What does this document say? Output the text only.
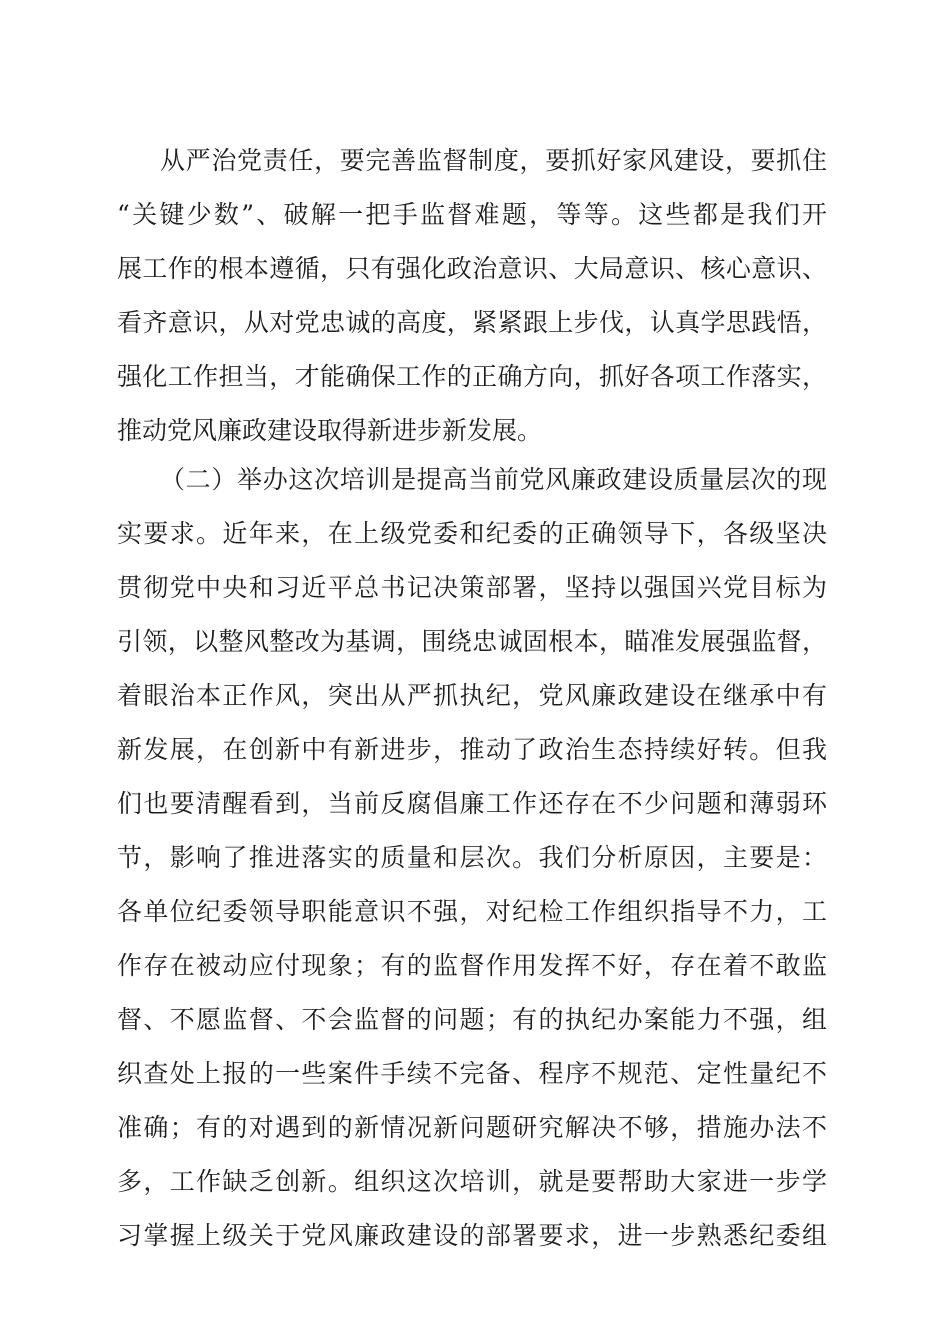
从严治党责任，要完善监督制度，要抓好家风建设，要抓住
“关键少数”、破解一把手监督难题，等等。这些都是我们开
展工作的根本遵循，只有强化政治意识、大局意识、核心意识、
看齐意识，从对党忠诚的高度，紧紧跟上步伐，认真学思践悟，
强化工作担当，才能确保工作的正确方向，抓好各项工作落实，
推动党风廉政建设取得新进步新发展。
（二）举办这次培训是提高当前党风廉政建设质量层次的现
实要求。近年来，在上级党委和纪委的正确领导下，各级坚决
贯彻党中央和习近平总书记决策部署，坚持以强国兴党目标为
引领，以整风整改为基调，围绕忠诚固根本，瞄准发展强监督，
着眼治本正作风，突出从严抓执纪，党风廉政建设在继承中有
新发展，在创新中有新进步，推动了政治生态持续好转。但我
们也要清醒看到，当前反腐倡廉工作还存在不少问题和薄弱环
节，影响了推进落实的质量和层次。我们分析原因，主要是：
各单位纪委领导职能意识不强，对纪检工作组织指导不力，工
作存在被动应付现象；有的监督作用发挥不好，存在着不敢监
督、不愿监督、不会监督的问题；有的执纪办案能力不强，组
织查处上报的一些案件手续不完备、程序不规范、定性量纪不
准确；有的对遇到的新情况新问题研究解决不够，措施办法不
多，工作缺乏创新。组织这次培训，就是要帮助大家进一步学
习掌握上级关于党风廉政建设的部署要求，进一步熟悉纪委组
